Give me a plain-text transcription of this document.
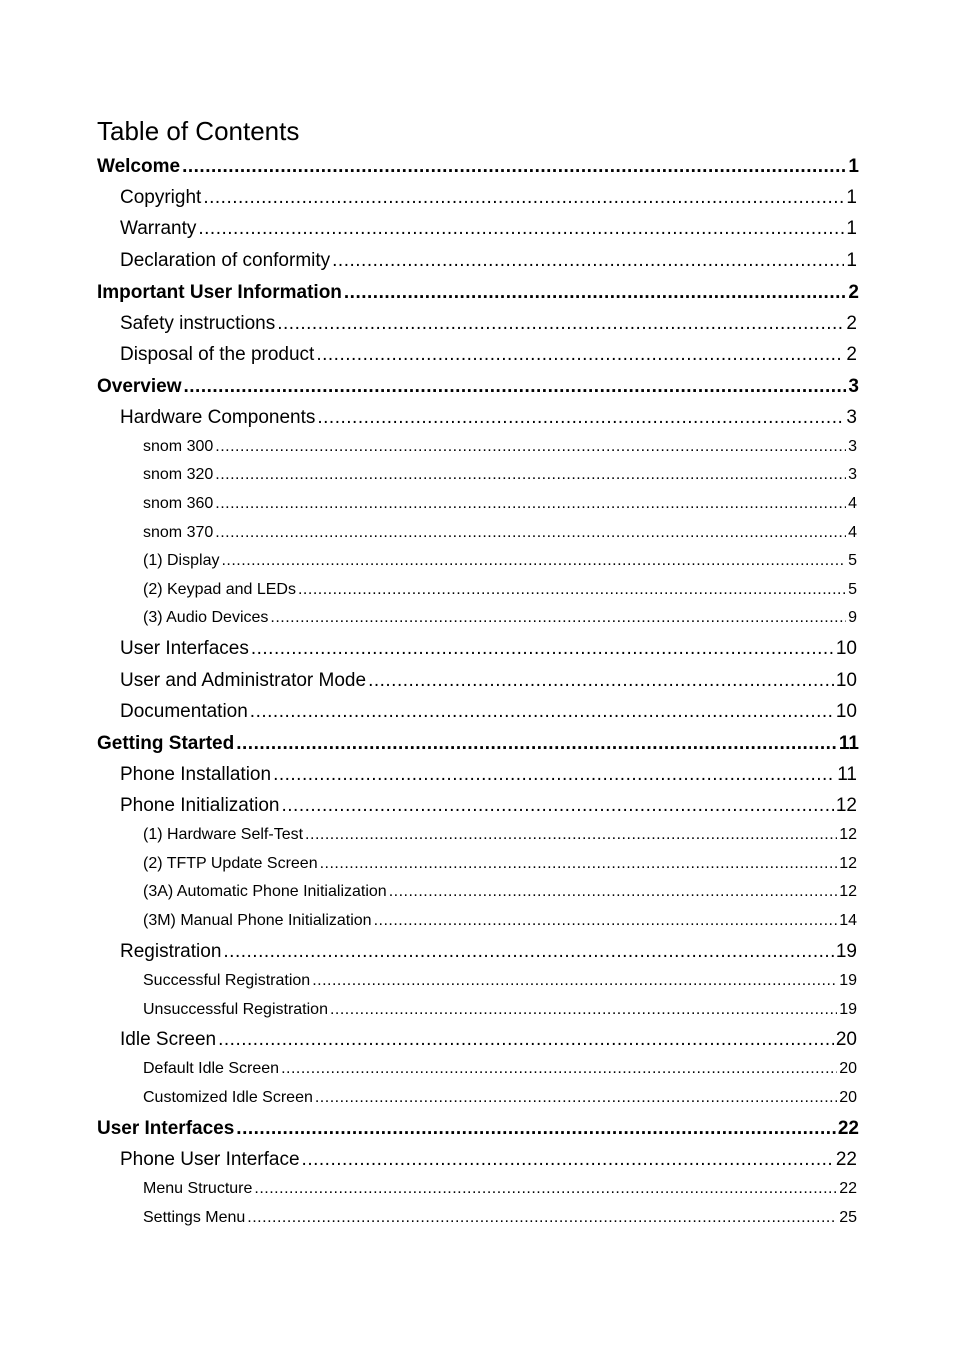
Table of Contents
Welcome .....	1
Copyright .....	1
Warranty .....	1
Declaration of conformity .....	1
Important User Information .....	2
Safety instructions .....	2
Disposal of the product .....	2
Overview .....	3
Hardware Components .....	3
snom 300 .....	3
snom 320 .....	3
snom 360 .....	4
snom 370 .....	4
(1) Display .....	5
(2) Keypad and LEDs .....	5
(3) Audio Devices .....	9
User Interfaces .....	10
User and Administrator Mode .....	10
Documentation .....	10
Getting Started .....	11
Phone Installation .....	11
Phone Initialization .....	12
(1) Hardware Self-Test .....	12
(2) TFTP Update Screen .....	12
(3A) Automatic Phone Initialization .....	12
(3M) Manual Phone Initialization .....	14
Registration .....	19
Successful Registration .....	19
Unsuccessful Registration .....	19
Idle Screen .....	20
Default Idle Screen .....	20
Customized Idle Screen .....	20
User Interfaces .....	22
Phone User Interface .....	22
Menu Structure .....	22
Settings Menu .....	25
